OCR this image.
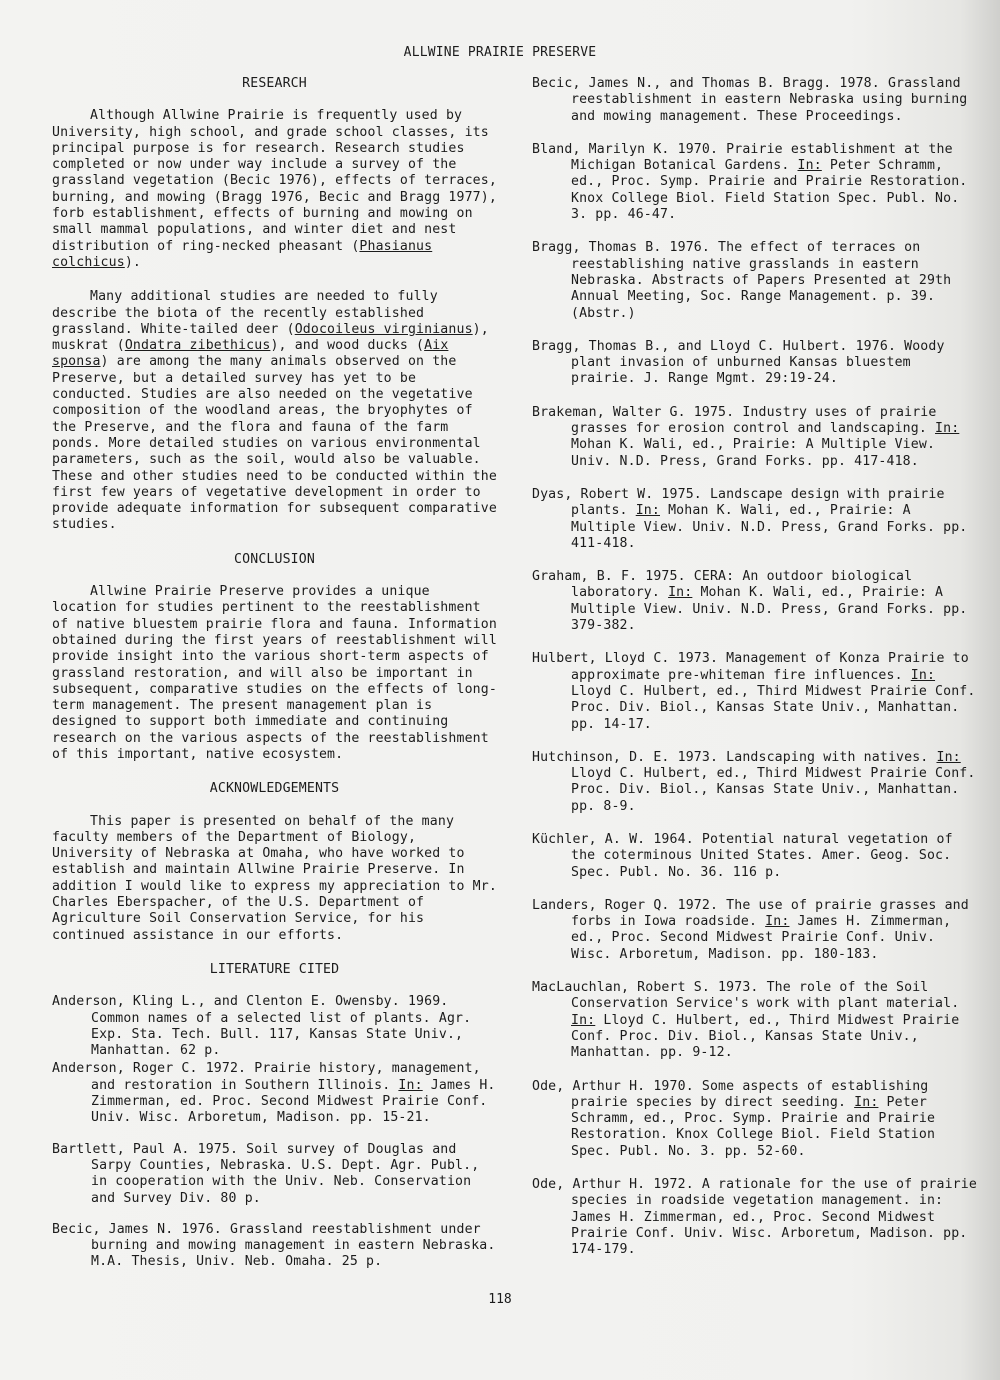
ALLWINE PRAIRIE PRESERVE
RESEARCH

Although Allwine Prairie is frequently used by University, high school, and grade school classes, its principal purpose is for research. Research studies completed or now under way include a survey of the grassland vegetation (Becic 1976), effects of terraces, burning, and mowing (Bragg 1976, Becic and Bragg 1977), forb establishment, effects of burning and mowing on small mammal populations, and winter diet and nest distribution of ring-necked pheasant (Phasianus colchicus).

Many additional studies are needed to fully describe the biota of the recently established grassland. White-tailed deer (Odocoileus virginianus), muskrat (Ondatra zibethicus), and wood ducks (Aix sponsa) are among the many animals observed on the Preserve, but a detailed survey has yet to be conducted. Studies are also needed on the vegetative composition of the woodland areas, the bryophytes of the Preserve, and the flora and fauna of the farm ponds. More detailed studies on various environmental parameters, such as the soil, would also be valuable. These and other studies need to be conducted within the first few years of vegetative development in order to provide adequate information for subsequent comparative studies.

CONCLUSION

Allwine Prairie Preserve provides a unique location for studies pertinent to the reestablishment of native bluestem prairie flora and fauna. Information obtained during the first years of reestablishment will provide insight into the various short-term aspects of grassland restoration, and will also be important in subsequent, comparative studies on the effects of long-term management. The present management plan is designed to support both immediate and continuing research on the various aspects of the reestablishment of this important, native ecosystem.

ACKNOWLEDGEMENTS

This paper is presented on behalf of the many faculty members of the Department of Biology, University of Nebraska at Omaha, who have worked to establish and maintain Allwine Prairie Preserve. In addition I would like to express my appreciation to Mr. Charles Eberspacher, of the U.S. Department of Agriculture Soil Conservation Service, for his continued assistance in our efforts.

LITERATURE CITED
Anderson, Kling L., and Clenton E. Owensby. 1969. Common names of a selected list of plants. Agr. Exp. Sta. Tech. Bull. 117, Kansas State Univ., Manhattan. 62 p.
Anderson, Roger C. 1972. Prairie history, management, and restoration in Southern Illinois. In: James H. Zimmerman, ed. Proc. Second Midwest Prairie Conf. Univ. Wisc. Arboretum, Madison. pp. 15-21.
Bartlett, Paul A. 1975. Soil survey of Douglas and Sarpy Counties, Nebraska. U.S. Dept. Agr. Publ., in cooperation with the Univ. Neb. Conservation and Survey Div. 80 p.
Becic, James N. 1976. Grassland reestablishment under burning and mowing management in eastern Nebraska. M.A. Thesis, Univ. Neb. Omaha. 25 p.
Becic, James N., and Thomas B. Bragg. 1978. Grassland reestablishment in eastern Nebraska using burning and mowing management. These Proceedings.
Bland, Marilyn K. 1970. Prairie establishment at the Michigan Botanical Gardens. In: Peter Schramm, ed., Proc. Symp. Prairie and Prairie Restoration. Knox College Biol. Field Station Spec. Publ. No. 3. pp. 46-47.
Bragg, Thomas B. 1976. The effect of terraces on reestablishing native grasslands in eastern Nebraska. Abstracts of Papers Presented at 29th Annual Meeting, Soc. Range Management. p. 39. (Abstr.)
Bragg, Thomas B., and Lloyd C. Hulbert. 1976. Woody plant invasion of unburned Kansas bluestem prairie. J. Range Mgmt. 29:19-24.
Brakeman, Walter G. 1975. Industry uses of prairie grasses for erosion control and landscaping. In: Mohan K. Wali, ed., Prairie: A Multiple View. Univ. N.D. Press, Grand Forks. pp. 417-418.
Dyas, Robert W. 1975. Landscape design with prairie plants. In: Mohan K. Wali, ed., Prairie: A Multiple View. Univ. N.D. Press, Grand Forks. pp. 411-418.
Graham, B. F. 1975. CERA: An outdoor biological laboratory. In: Mohan K. Wali, ed., Prairie: A Multiple View. Univ. N.D. Press, Grand Forks. pp. 379-382.
Hulbert, Lloyd C. 1973. Management of Konza Prairie to approximate pre-whiteman fire influences. In: Lloyd C. Hulbert, ed., Third Midwest Prairie Conf. Proc. Div. Biol., Kansas State Univ., Manhattan. pp. 14-17.
Hutchinson, D. E. 1973. Landscaping with natives. In: Lloyd C. Hulbert, ed., Third Midwest Prairie Conf. Proc. Div. Biol., Kansas State Univ., Manhattan. pp. 8-9.
Küchler, A. W. 1964. Potential natural vegetation of the coterminous United States. Amer. Geog. Soc. Spec. Publ. No. 36. 116 p.
Landers, Roger Q. 1972. The use of prairie grasses and forbs in Iowa roadside. In: James H. Zimmerman, ed., Proc. Second Midwest Prairie Conf. Univ. Wisc. Arboretum, Madison. pp. 180-183.
MacLauchlan, Robert S. 1973. The role of the Soil Conservation Service's work with plant material. In: Lloyd C. Hulbert, ed., Third Midwest Prairie Conf. Proc. Div. Biol., Kansas State Univ., Manhattan. pp. 9-12.
Ode, Arthur H. 1970. Some aspects of establishing prairie species by direct seeding. In: Peter Schramm, ed., Proc. Symp. Prairie and Prairie Restoration. Knox College Biol. Field Station Spec. Publ. No. 3. pp. 52-60.
Ode, Arthur H. 1972. A rationale for the use of prairie species in roadside vegetation management. in: James H. Zimmerman, ed., Proc. Second Midwest Prairie Conf. Univ. Wisc. Arboretum, Madison. pp. 174-179.
118
